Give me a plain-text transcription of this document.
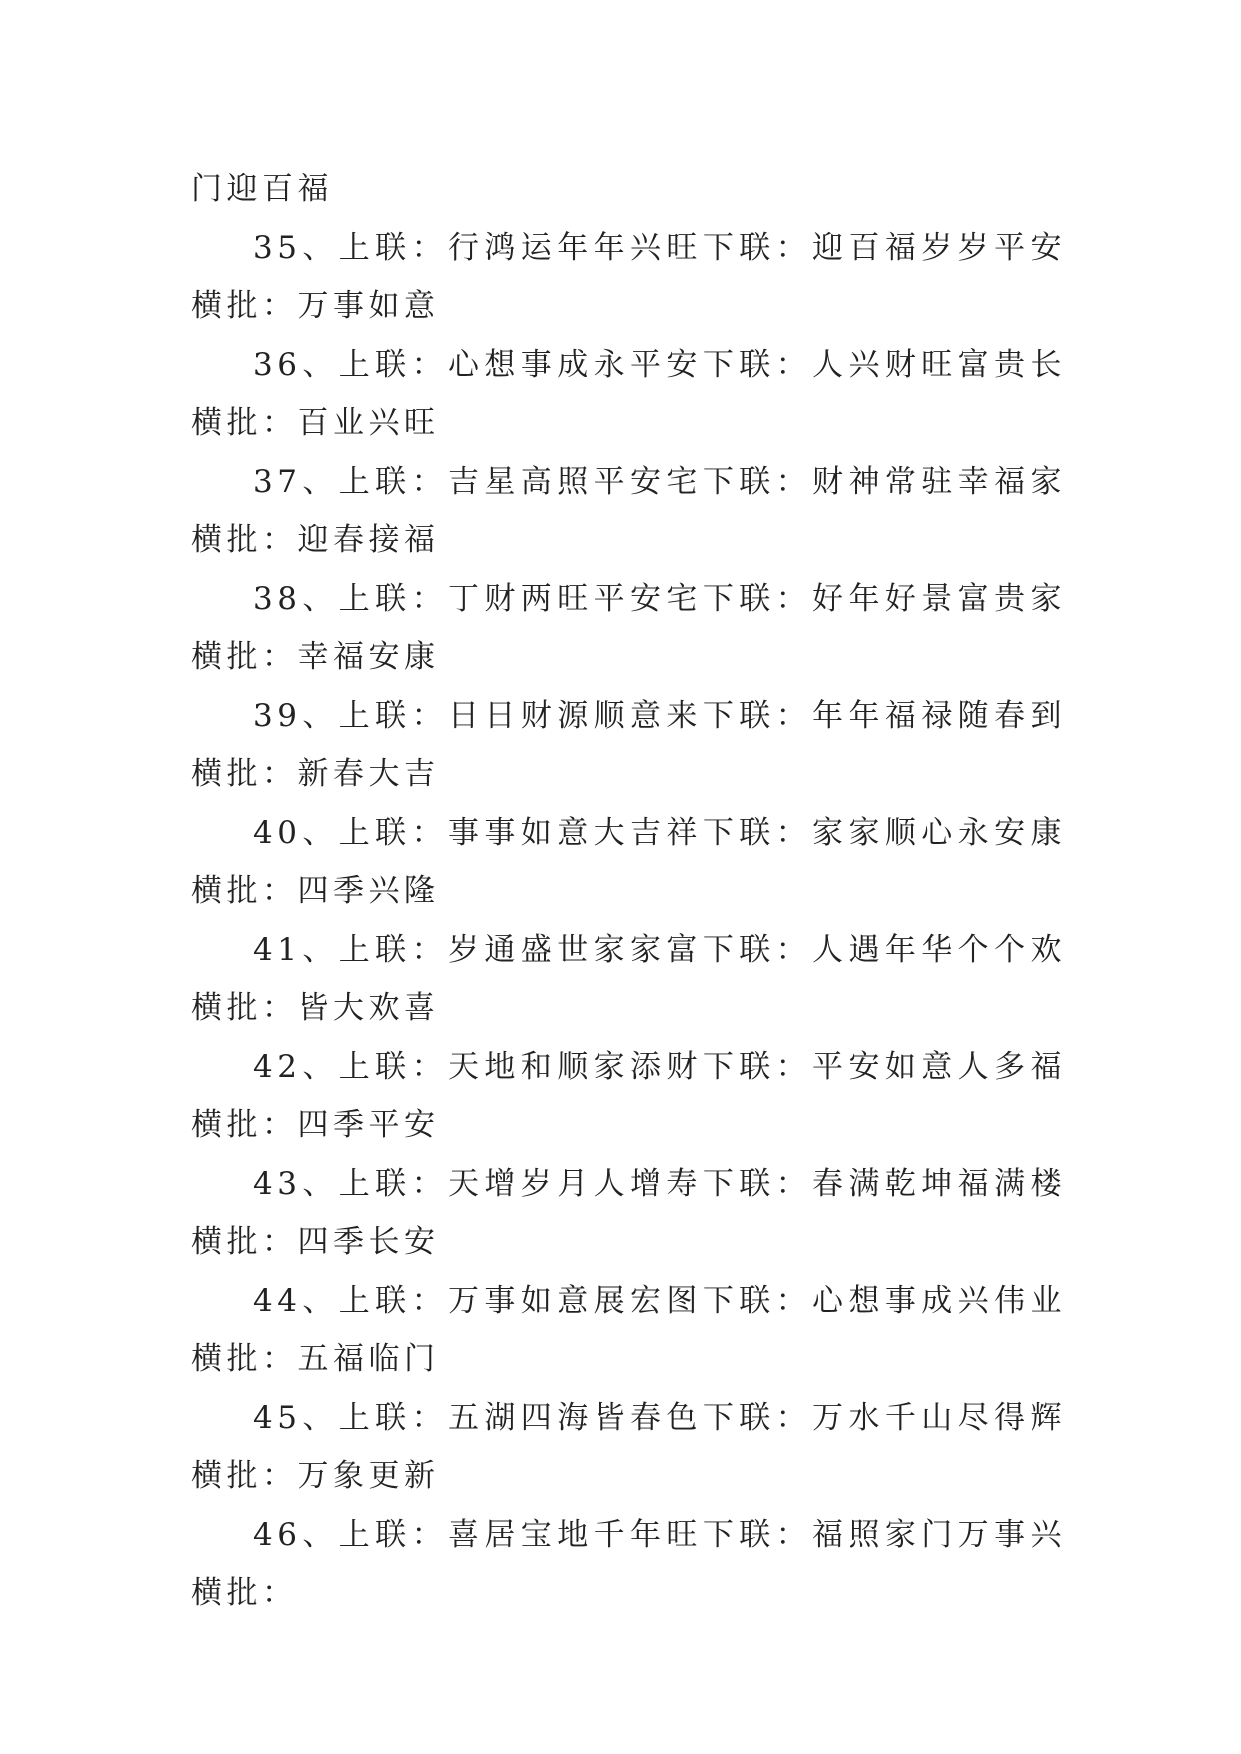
门迎百福

35、上联：行鸿运年年兴旺下联：迎百福岁岁平安横批：万事如意

36、上联：心想事成永平安下联：人兴财旺富贵长横批：百业兴旺

37、上联：吉星高照平安宅下联：财神常驻幸福家横批：迎春接福

38、上联：丁财两旺平安宅下联：好年好景富贵家横批：幸福安康

39、上联：日日财源顺意来下联：年年福禄随春到横批：新春大吉

40、上联：事事如意大吉祥下联：家家顺心永安康横批：四季兴隆

41、上联：岁通盛世家家富下联：人遇年华个个欢横批：皆大欢喜

42、上联：天地和顺家添财下联：平安如意人多福横批：四季平安

43、上联：天增岁月人增寿下联：春满乾坤福满楼横批：四季长安

44、上联：万事如意展宏图下联：心想事成兴伟业横批：五福临门

45、上联：五湖四海皆春色下联：万水千山尽得辉横批：万象更新

46、上联：喜居宝地千年旺下联：福照家门万事兴横批：
